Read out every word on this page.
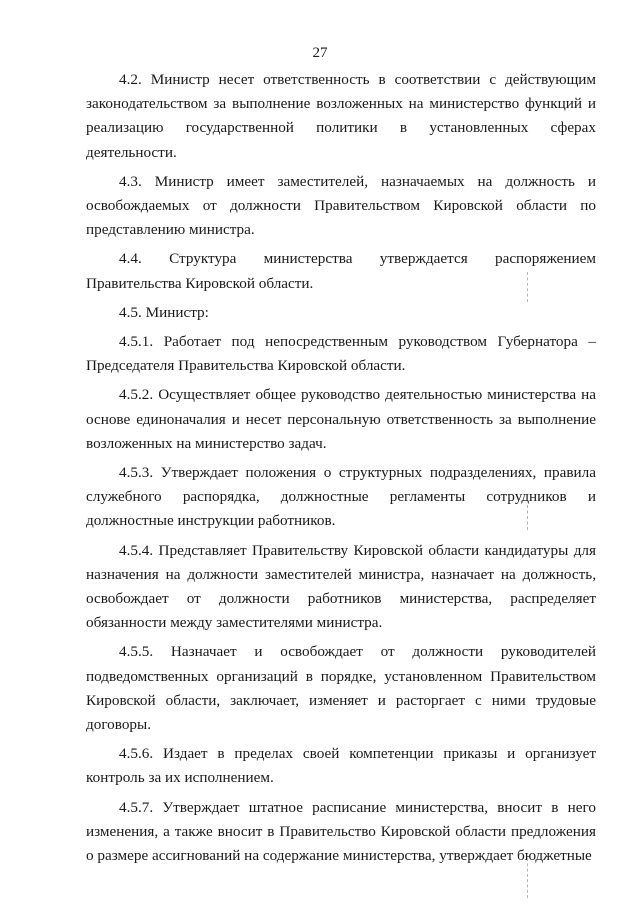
27

4.2. Министр несет ответственность в соответствии с действующим законодательством за выполнение возложенных на министерство функций и реализацию государственной политики в установленных сферах деятельности.

4.3. Министр имеет заместителей, назначаемых на должность и освобождаемых от должности Правительством Кировской области по представлению министра.

4.4. Структура министерства утверждается распоряжением Правительства Кировской области.

4.5. Министр:

4.5.1. Работает под непосредственным руководством Губернатора – Председателя Правительства Кировской области.

4.5.2. Осуществляет общее руководство деятельностью министерства на основе единоначалия и несет персональную ответственность за выполнение возложенных на министерство задач.

4.5.3. Утверждает положения о структурных подразделениях, правила служебного распорядка, должностные регламенты сотрудников и должностные инструкции работников.

4.5.4. Представляет Правительству Кировской области кандидатуры для назначения на должности заместителей министра, назначает на должность, освобождает от должности работников министерства, распределяет обязанности между заместителями министра.

4.5.5. Назначает и освобождает от должности руководителей подведомственных организаций в порядке, установленном Правительством Кировской области, заключает, изменяет и расторгает с ними трудовые договоры.

4.5.6. Издает в пределах своей компетенции приказы и организует контроль за их исполнением.

4.5.7. Утверждает штатное расписание министерства, вносит в него изменения, а также вносит в Правительство Кировской области предложения о размере ассигнований на содержание министерства, утверждает бюджетные
